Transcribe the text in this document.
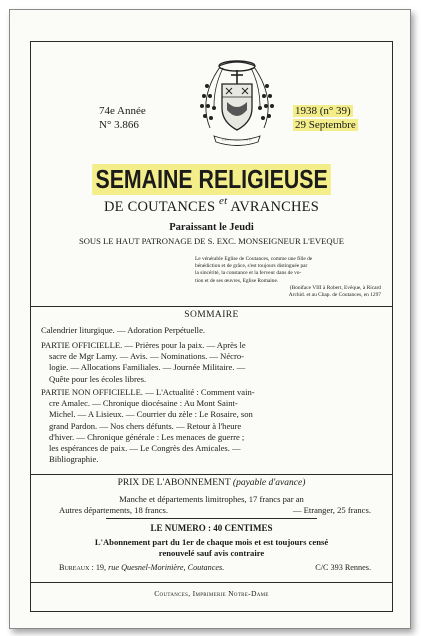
74e Année
N° 3.866
1938 (n° 39)
29 Septembre
SEMAINE RELIGIEUSE
DE COUTANCES $^{et}$ AVRANCHES
Paraissant le Jeudi
SOUS LE HAUT PATRONAGE DE S. EXC. MONSEIGNEUR L'EVEQUE
Le vénérable Eglise de Coutances, comme une fille de
bénédiction et de grâce, s'est toujours distinguée par
la sincérité, la constance et la ferveur dans de vo-
tion et de ses œuvres, Eglise Romaine.
(Boniface VIII à Robert, Evêque, à Ricard
Archid. et au Chap. de Coutances, en 1297
SOMMAIRE
Calendrier liturgique. — Adoration Perpétuelle.
PARTIE OFFICIELLE. — Prières pour la paix. — Après le
sacre de Mgr Lamy. — Avis. — Nominations. — Nécro-
logie. — Allocations Familiales. — Journée Militaire. —
Quête pour les écoles libres.
PARTIE NON OFFICIELLE. — L'Actualité : Comment vain-
cre Amalec. — Chronique diocésaine : Au Mont Saint-
Michel. — A Lisieux. — Courrier du zèle : Le Rosaire, son
grand Pardon. — Nos chers défunts. — Retour à l'heure
d'hiver. — Chronique générale : Les menaces de guerre ;
les espérances de paix. — Le Congrès des Amicales. —
Bibliographie.
PRIX DE L'ABONNEMENT (payable d'avance)
Manche et départements limitrophes, 17 francs par an
Autres départements, 18 francs.	— Etranger, 25 francs.
LE NUMERO : 40 CENTIMES
L'Abonnement part du 1er de chaque mois et est toujours censé
renouvelé sauf avis contraire
Bureaux : 19, rue Quesnel-Morinière, Coutances.	C/C 393 Rennes.
Coutances, Imprimerie Notre-Dame
